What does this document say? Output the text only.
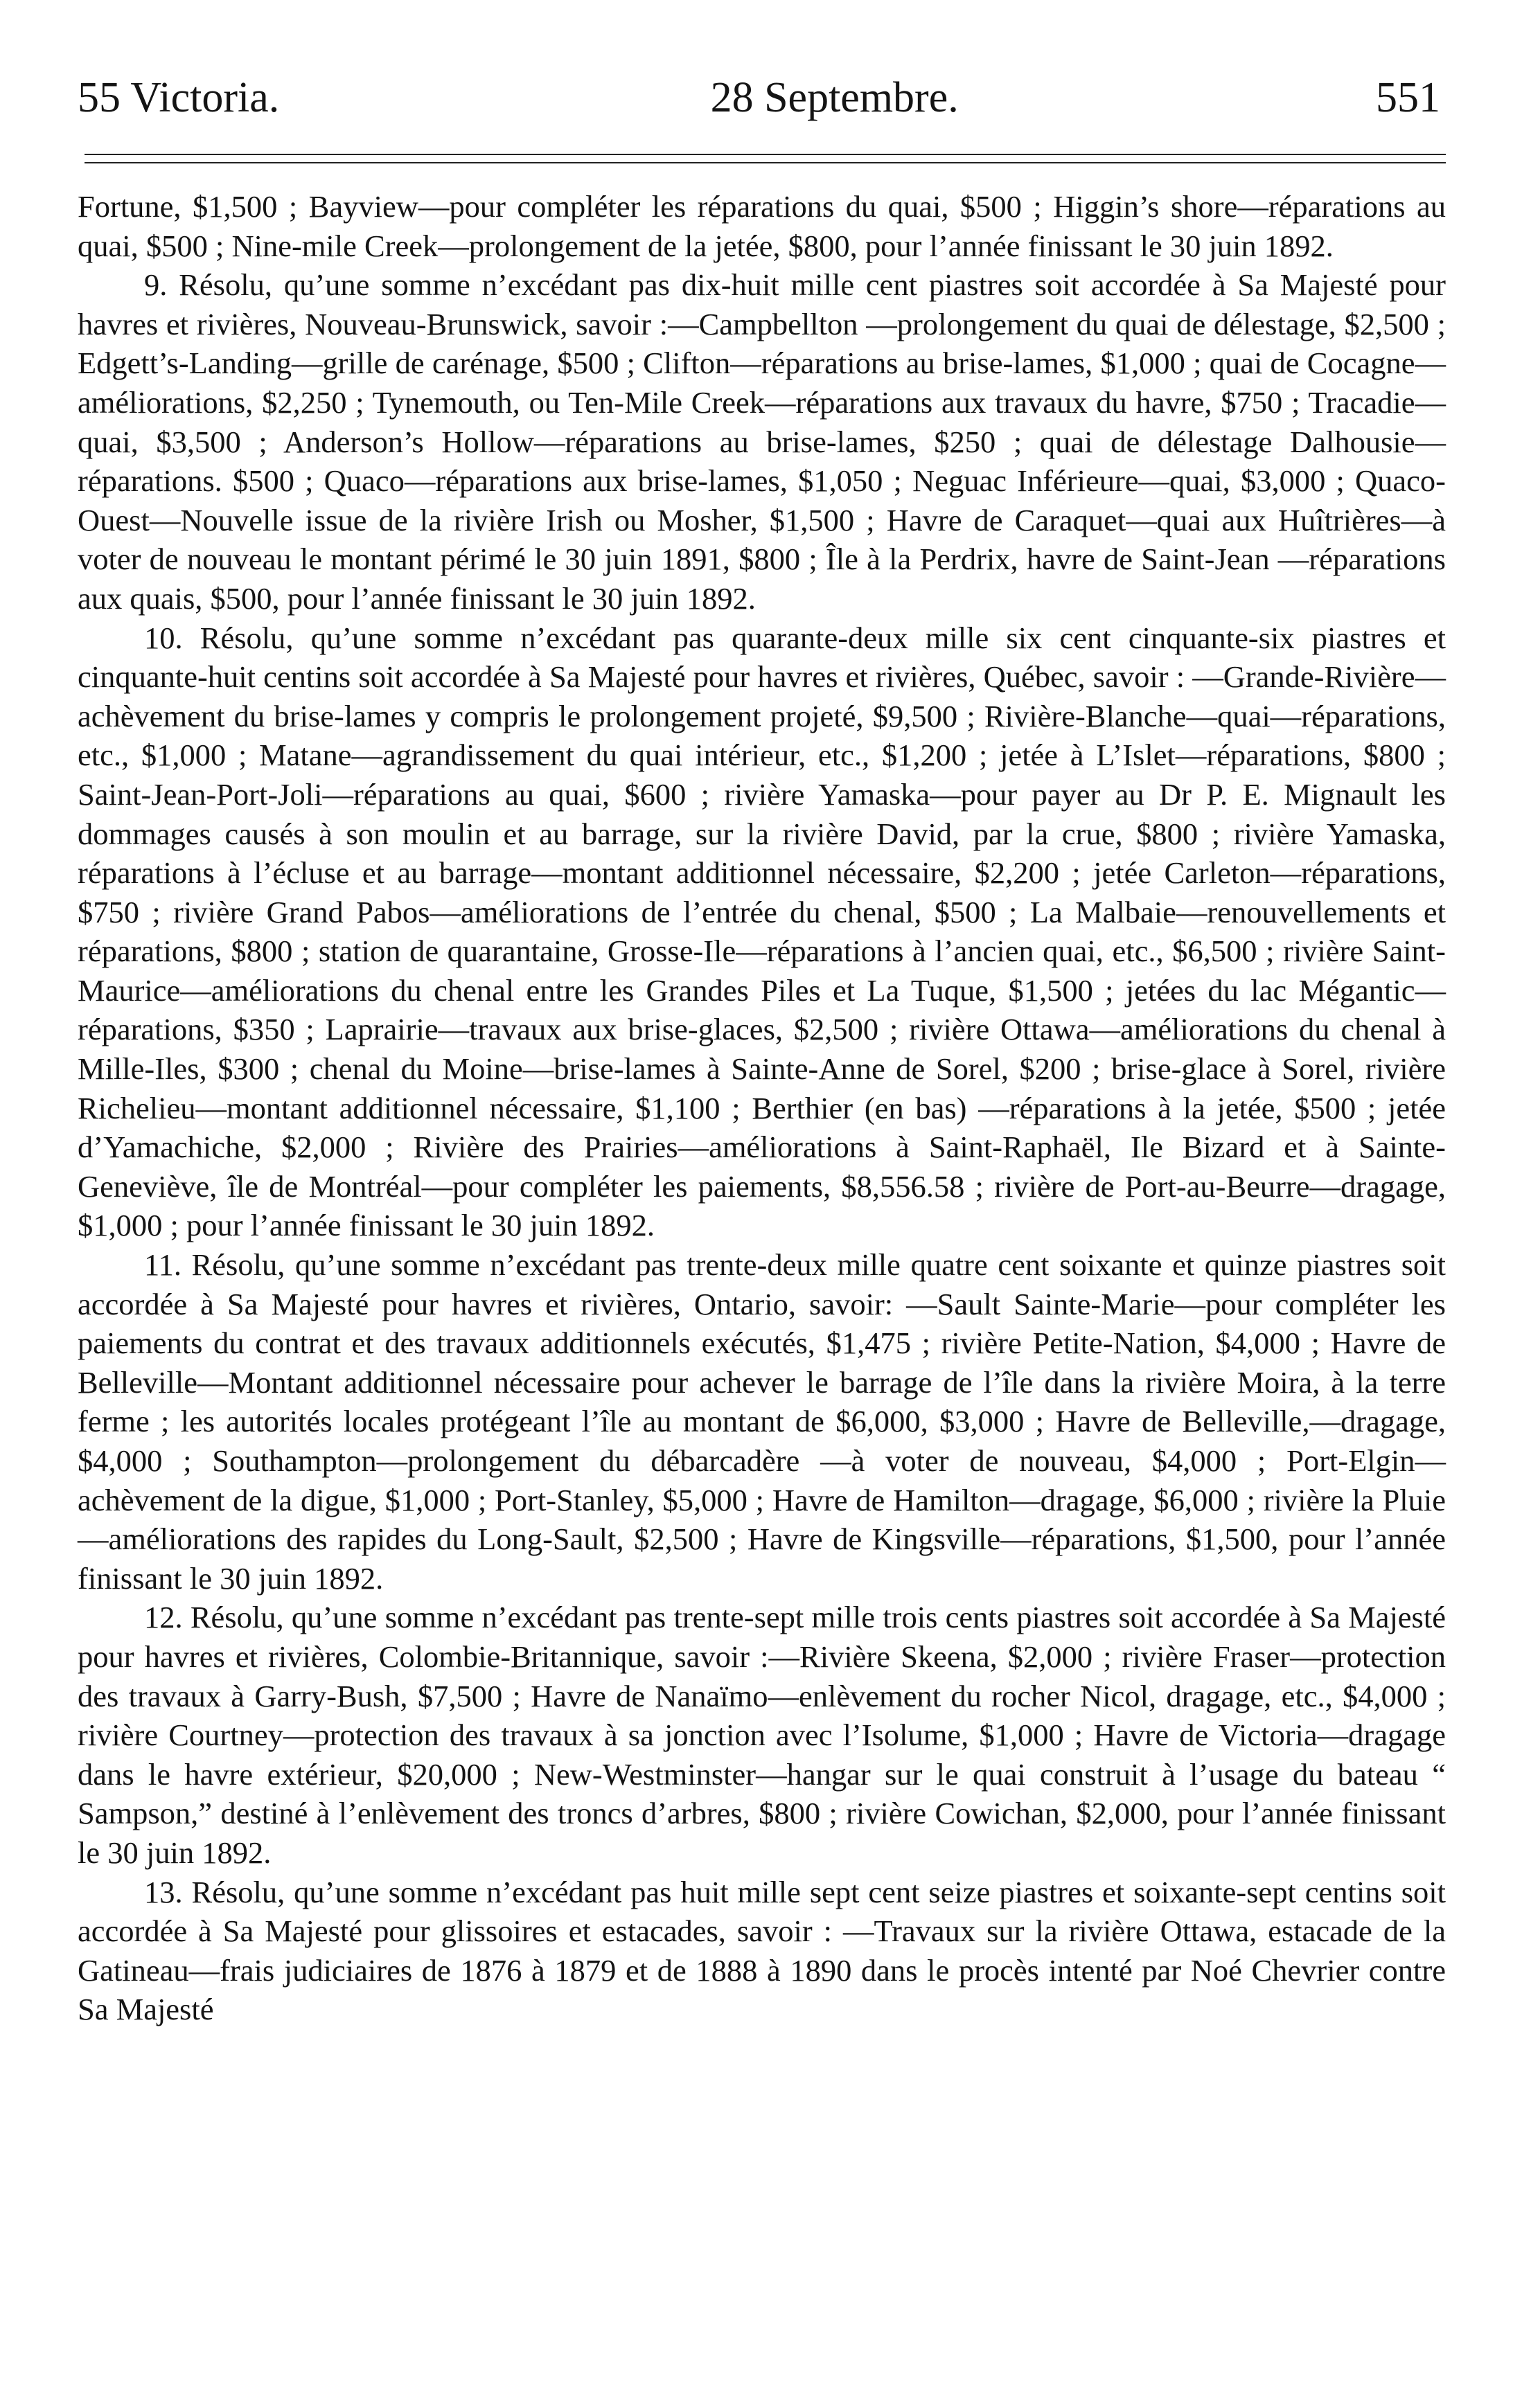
55 Victoria.	28 Septembre.	551

Fortune, $1,500 ; Bayview—pour compléter les réparations du quai, $500 ; Higgin’s shore—réparations au quai, $500 ; Nine-mile Creek—prolongement de la jetée, $800, pour l’année finissant le 30 juin 1892.

9. Résolu, qu’une somme n’excédant pas dix-huit mille cent piastres soit accordée à Sa Majesté pour havres et rivières, Nouveau-Brunswick, savoir :—Campbellton —prolongement du quai de délestage, $2,500 ; Edgett’s-Landing—grille de carénage, $500 ; Clifton—réparations au brise-lames, $1,000 ; quai de Cocagne—améliorations, $2,250 ; Tynemouth, ou Ten-Mile Creek—réparations aux travaux du havre, $750 ; Tracadie—quai, $3,500 ; Anderson’s Hollow—réparations au brise-lames, $250 ; quai de délestage Dalhousie—réparations. $500 ; Quaco—réparations aux brise-lames, $1,050 ; Neguac Inférieure—quai, $3,000 ; Quaco-Ouest—Nouvelle issue de la rivière Irish ou Mosher, $1,500 ; Havre de Caraquet—quai aux Huîtrières—à voter de nouveau le montant périmé le 30 juin 1891, $800 ; Île à la Perdrix, havre de Saint-Jean —réparations aux quais, $500, pour l’année finissant le 30 juin 1892.

10. Résolu, qu’une somme n’excédant pas quarante-deux mille six cent cinquante-six piastres et cinquante-huit centins soit accordée à Sa Majesté pour havres et rivières, Québec, savoir : —Grande-Rivière—achèvement du brise-lames y compris le prolongement projeté, $9,500 ; Rivière-Blanche—quai—réparations, etc., $1,000 ; Matane—agrandissement du quai intérieur, etc., $1,200 ; jetée à L’Islet—réparations, $800 ; Saint-Jean-Port-Joli—réparations au quai, $600 ; rivière Yamaska—pour payer au Dr P. E. Mignault les dommages causés à son moulin et au barrage, sur la rivière David, par la crue, $800 ; rivière Yamaska, réparations à l’écluse et au barrage—montant additionnel nécessaire, $2,200 ; jetée Carleton—réparations, $750 ; rivière Grand Pabos—améliorations de l’entrée du chenal, $500 ; La Malbaie—renouvellements et réparations, $800 ; station de quarantaine, Grosse-Ile—réparations à l’ancien quai, etc., $6,500 ; rivière Saint-Maurice—améliorations du chenal entre les Grandes Piles et La Tuque, $1,500 ; jetées du lac Mégantic—réparations, $350 ; Laprairie—travaux aux brise-glaces, $2,500 ; rivière Ottawa—améliorations du chenal à Mille-Iles, $300 ; chenal du Moine—brise-lames à Sainte-Anne de Sorel, $200 ; brise-glace à Sorel, rivière Richelieu—montant additionnel nécessaire, $1,100 ; Berthier (en bas) —réparations à la jetée, $500 ; jetée d’Yamachiche, $2,000 ; Rivière des Prairies—améliorations à Saint-Raphaël, Ile Bizard et à Sainte-Geneviève, île de Montréal—pour compléter les paiements, $8,556.58 ; rivière de Port-au-Beurre—dragage, $1,000 ; pour l’année finissant le 30 juin 1892.

11. Résolu, qu’une somme n’excédant pas trente-deux mille quatre cent soixante et quinze piastres soit accordée à Sa Majesté pour havres et rivières, Ontario, savoir: —Sault Sainte-Marie—pour compléter les paiements du contrat et des travaux additionnels exécutés, $1,475 ; rivière Petite-Nation, $4,000 ; Havre de Belleville—Montant additionnel nécessaire pour achever le barrage de l’île dans la rivière Moira, à la terre ferme ; les autorités locales protégeant l’île au montant de $6,000, $3,000 ; Havre de Belleville,—dragage, $4,000 ; Southampton—prolongement du débarcadère —à voter de nouveau, $4,000 ; Port-Elgin—achèvement de la digue, $1,000 ; Port-Stanley, $5,000 ; Havre de Hamilton—dragage, $6,000 ; rivière la Pluie—améliorations des rapides du Long-Sault, $2,500 ; Havre de Kingsville—réparations, $1,500, pour l’année finissant le 30 juin 1892.

12. Résolu, qu’une somme n’excédant pas trente-sept mille trois cents piastres soit accordée à Sa Majesté pour havres et rivières, Colombie-Britannique, savoir :—Rivière Skeena, $2,000 ; rivière Fraser—protection des travaux à Garry-Bush, $7,500 ; Havre de Nanaïmo—enlèvement du rocher Nicol, dragage, etc., $4,000 ; rivière Courtney—protection des travaux à sa jonction avec l’Isolume, $1,000 ; Havre de Victoria—dragage dans le havre extérieur, $20,000 ; New-Westminster—hangar sur le quai construit à l’usage du bateau “ Sampson,” destiné à l’enlèvement des troncs d’arbres, $800 ; rivière Cowichan, $2,000, pour l’année finissant le 30 juin 1892.

13. Résolu, qu’une somme n’excédant pas huit mille sept cent seize piastres et soixante-sept centins soit accordée à Sa Majesté pour glissoires et estacades, savoir : —Travaux sur la rivière Ottawa, estacade de la Gatineau—frais judiciaires de 1876 à 1879 et de 1888 à 1890 dans le procès intenté par Noé Chevrier contre Sa Majesté
